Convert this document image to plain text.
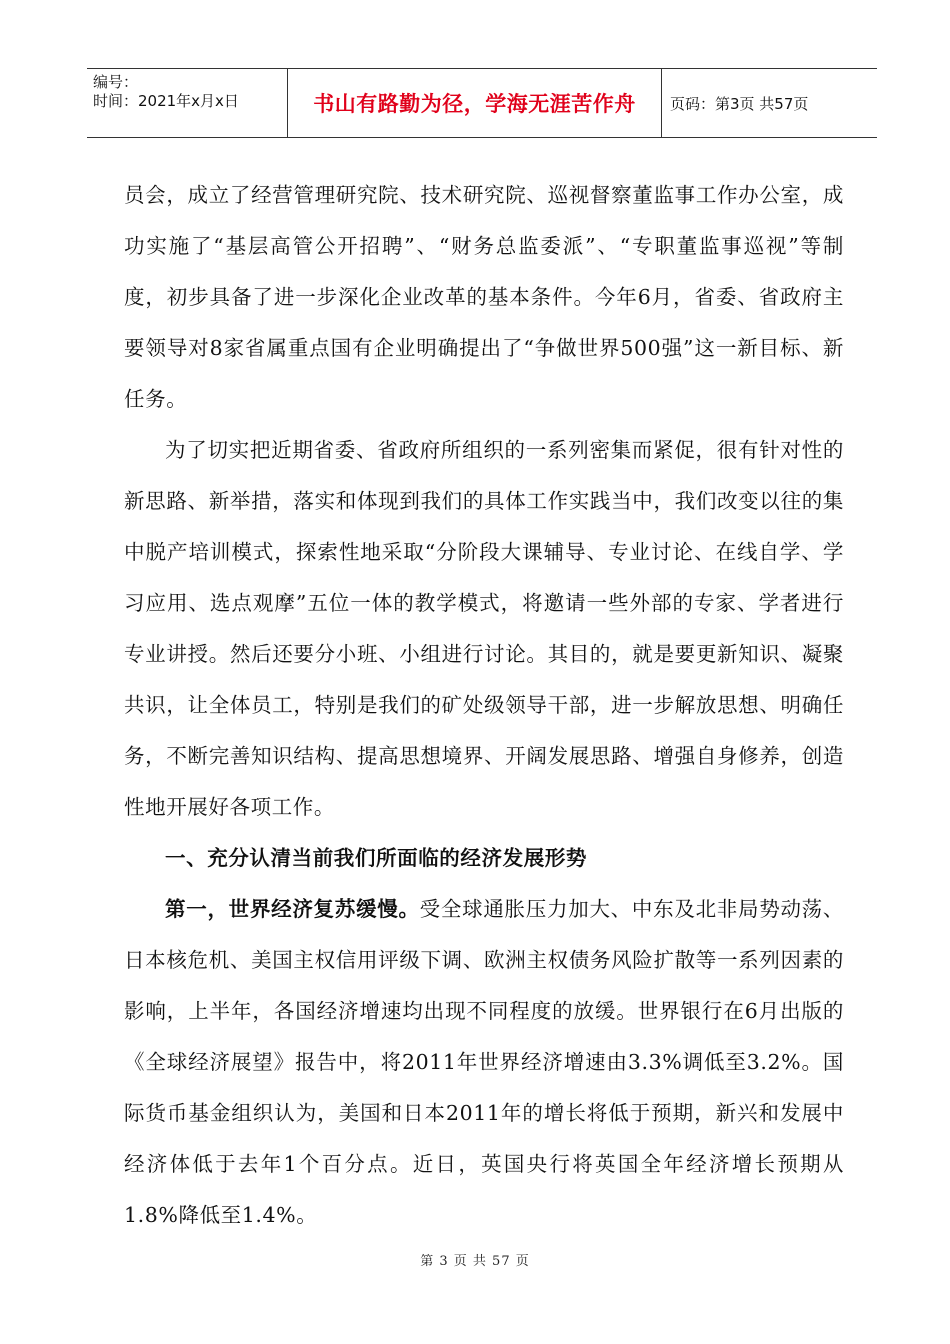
编号：
时间：2021年x月x日	书山有路勤为径，学海无涯苦作舟	页码：第3页 共57页

员会，成立了经营管理研究院、技术研究院、巡视督察董监事工作办公室，成功实施了“基层高管公开招聘”、“财务总监委派”、“专职董监事巡视”等制度，初步具备了进一步深化企业改革的基本条件。今年6月，省委、省政府主要领导对8家省属重点国有企业明确提出了“争做世界500强”这一新目标、新任务。

为了切实把近期省委、省政府所组织的一系列密集而紧促，很有针对性的新思路、新举措，落实和体现到我们的具体工作实践当中，我们改变以往的集中脱产培训模式，探索性地采取“分阶段大课辅导、专业讨论、在线自学、学习应用、选点观摩”五位一体的教学模式，将邀请一些外部的专家、学者进行专业讲授。然后还要分小班、小组进行讨论。其目的，就是要更新知识、凝聚共识，让全体员工，特别是我们的矿处级领导干部，进一步解放思想、明确任务，不断完善知识结构、提高思想境界、开阔发展思路、增强自身修养，创造性地开展好各项工作。

一、充分认清当前我们所面临的经济发展形势

第一，世界经济复苏缓慢。受全球通胀压力加大、中东及北非局势动荡、日本核危机、美国主权信用评级下调、欧洲主权债务风险扩散等一系列因素的影响，上半年，各国经济增速均出现不同程度的放缓。世界银行在6月出版的《全球经济展望》报告中，将2011年世界经济增速由3.3%调低至3.2%。国际货币基金组织认为，美国和日本2011年的增长将低于预期，新兴和发展中经济体低于去年1个百分点。近日，英国央行将英国全年经济增长预期从1.8%降低至1.4%。

第 3 页 共 57 页
